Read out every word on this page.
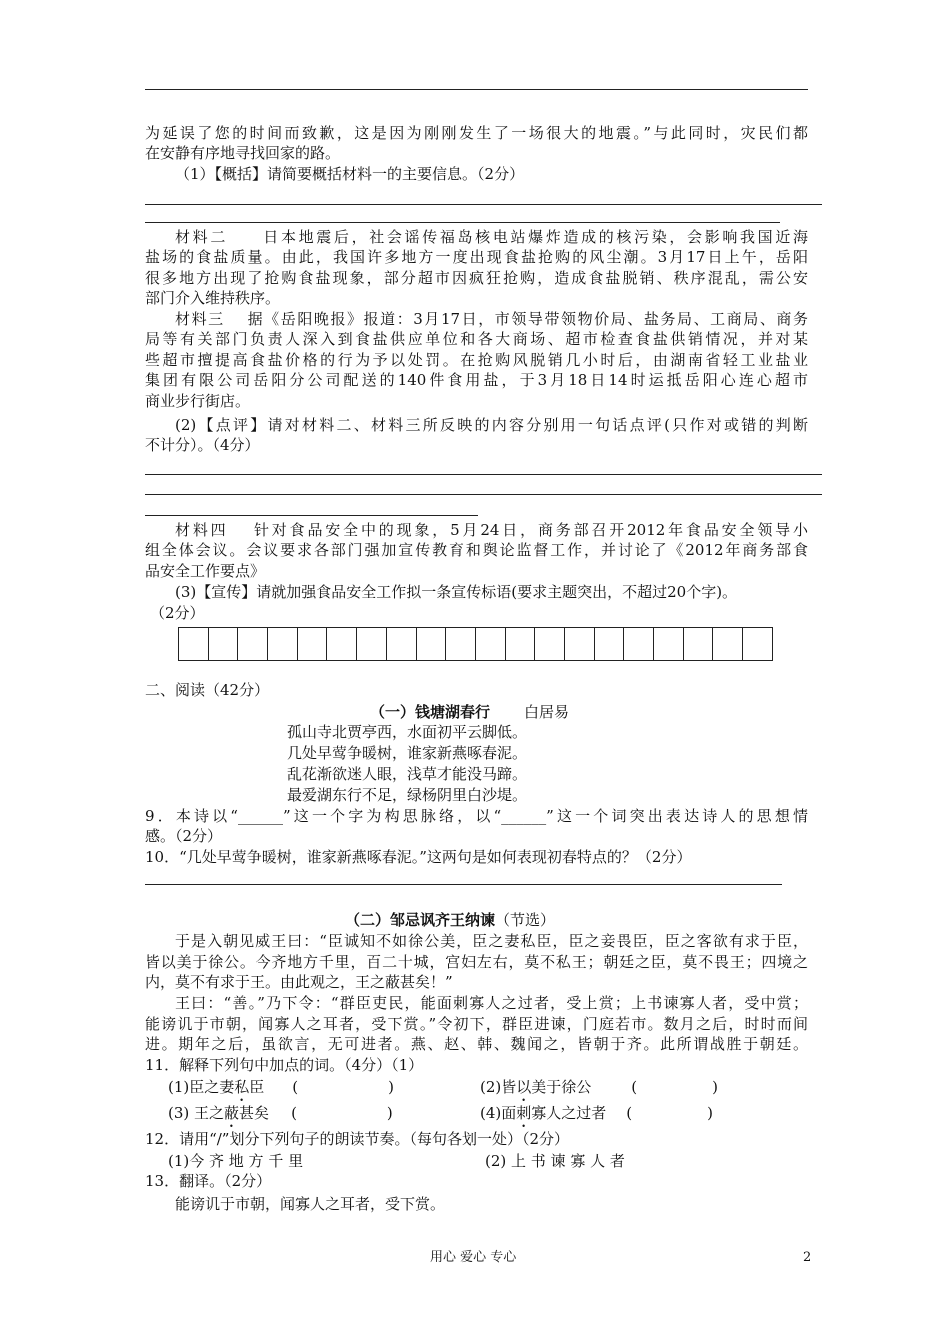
为延误了您的时间而致歉，这是因为刚刚发生了一场很大的地震。”与此同时，灾民们都
在安静有序地寻找回家的路。
（1）【概括】请简要概括材料一的主要信息。（2分）
材料二　　日本地震后，社会谣传福岛核电站爆炸造成的核污染，会影响我国近海
盐场的食盐质量。由此，我国许多地方一度出现食盐抢购的风尘潮。3月17日上午，岳阳
很多地方出现了抢购食盐现象，部分超市因疯狂抢购，造成食盐脱销、秩序混乱，需公安
部门介入维持秩序。
材料三　 据《岳阳晚报》报道：3月17日，市领导带领物价局、盐务局、工商局、商务
局等有关部门负责人深入到食盐供应单位和各大商场、超市检查食盐供销情况，并对某
些超市擅提高食盐价格的行为予以处罚。在抢购风脱销几小时后，由湖南省轻工业盐业
集团有限公司岳阳分公司配送的140件食用盐，于3月18日14时运抵岳阳心连心超市
商业步行街店。
(2)【点评】请对材料二、材料三所反映的内容分别用一句话点评(只作对或错的判断
不计分）。（4分）
材料四　 针对食品安全中的现象，5月24日，商务部召开2012年食品安全领导小
组全体会议。会议要求各部门强加宣传教育和舆论监督工作，并讨论了《2012年商务部食
品安全工作要点》
(3)【宣传】请就加强食品安全工作拟一条宣传标语(要求主题突出，不超过20个字)。
（2分）
二、阅读（42分）
（一）钱塘湖春行 白居易
孤山寺北贾亭西，水面初平云脚低。
几处早莺争暖树，谁家新燕啄春泥。
乱花渐欲迷人眼，浅草才能没马蹄。
最爱湖东行不足，绿杨阴里白沙堤。
9．本诗以“______”这一个字为构思脉络，以“______”这一个词突出表达诗人的思想情
感。（2分）
10．“几处早莺争暖树，谁家新燕啄春泥。”这两句是如何表现初春特点的？（2分）
（二）邹忌讽齐王纳谏（节选）
于是入朝见威王曰：“臣诚知不如徐公美，臣之妻私臣，臣之妾畏臣，臣之客欲有求于臣，
皆以美于徐公。今齐地方千里，百二十城，宫妇左右，莫不私王；朝廷之臣，莫不畏王；四境之
内，莫不有求于王。由此观之，王之蔽甚矣！”
王曰：“善。”乃下令：“群臣吏民，能面刺寡人之过者，受上赏；上书谏寡人者，受中赏；
能谤讥于市朝，闻寡人之耳者，受下赏。”令初下，群臣进谏，门庭若市。数月之后，时时而间
进。期年之后，虽欲言，无可进者。燕、赵、韩、魏闻之，皆朝于齐。此所谓战胜于朝廷。
11．解释下列句中加点的词。（4分）（1）
(1)臣之妻私臣 (　　　　　　)	(2)皆以美于徐公	(　　　　　)
(3) 王之蔽甚矣 (　　　　　　)	(4)面刺寡人之过者 (　　　　　)
12．请用“/”划分下列句子的朗读节奏。（每句各划一处）（2分）
(1)今 齐 地 方 千 里	(2) 上 书 谏 寡 人 者
13．翻译。（2分）
能谤讥于市朝，闻寡人之耳者，受下赏。
用心 爱心 专心	2
